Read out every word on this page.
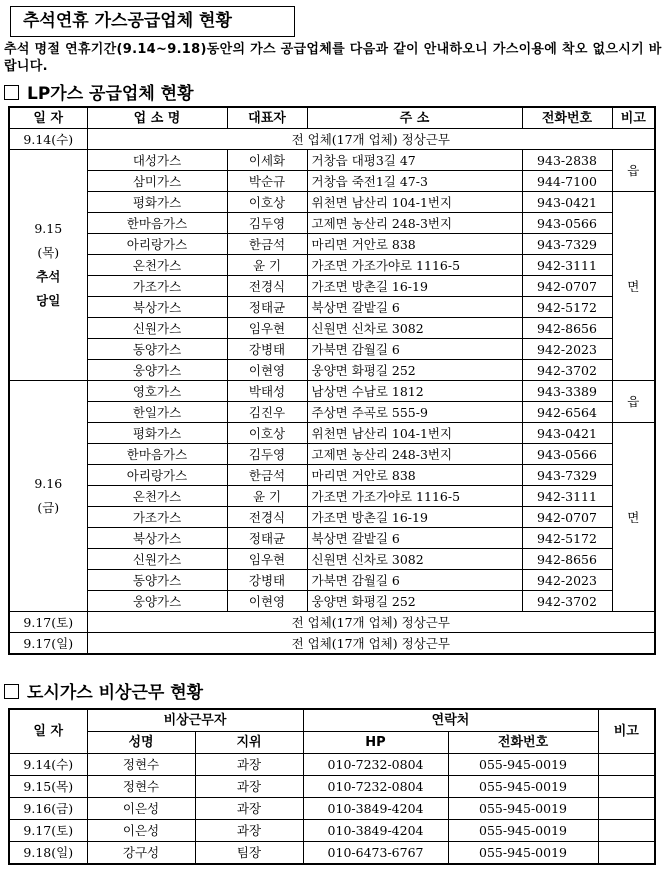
추석연휴 가스공급업체 현황
추석 명절 연휴기간(9.14~9.18)동안의 가스 공급업체를 다음과 같이 안내하오니 가스이용에 착오 없으시기 바랍니다.
LP가스 공급업체 현황
일 자	업 소 명	대표자	주 소	전화번호	비고
9.14(수)	전 업체(17개 업체) 정상근무				

9.15
(목)
추석
당일	대성가스	이세화	거창읍 대평3길 47	943-2838	읍
	삼미가스	박순규	거창읍 죽전1길 47-3	944-7100	
	평화가스	이호상	위천면 남산리 104-1번지	943-0421	면
	한마음가스	김두영	고제면 농산리 248-3번지	943-0566	
	아리랑가스	한금석	마리면 거안로 838	943-7329	
	온천가스	윤 기	가조면 가조가야로 1116-5	942-3111	
	가조가스	전경식	가조면 방촌길 16-19	942-0707	
	북상가스	정태균	북상면 갈밭길 6	942-5172	
	신원가스	임우현	신원면 신차로 3082	942-8656	
	동양가스	강병태	가북면 감월길 6	942-2023	
	웅양가스	이현영	웅양면 화평길 252	942-3702	

9.16
(금)	영호가스	박태성	남상면 수남로 1812	943-3389	읍
	한일가스	김진우	주상면 주곡로 555-9	942-6564	
	평화가스	이호상	위천면 남산리 104-1번지	943-0421	면
	한마음가스	김두영	고제면 농산리 248-3번지	943-0566	
	아리랑가스	한금석	마리면 거안로 838	943-7329	
	온천가스	윤 기	가조면 가조가야로 1116-5	942-3111	
	가조가스	전경식	가조면 방촌길 16-19	942-0707	
	북상가스	정태균	북상면 갈밭길 6	942-5172	
	신원가스	임우현	신원면 신차로 3082	942-8656	
	동양가스	강병태	가북면 감월길 6	942-2023	
	웅양가스	이현영	웅양면 화평길 252	942-3702	
9.17(토)	전 업체(17개 업체) 정상근무				
9.17(일)	전 업체(17개 업체) 정상근무				
도시가스 비상근무 현황
일 자	비상근무자		연락처		비고
	성명	지위	HP	전화번호	
9.14(수)	정현수	과장	010-7232-0804	055-945-0019	
9.15(목)	정현수	과장	010-7232-0804	055-945-0019	
9.16(금)	이은성	과장	010-3849-4204	055-945-0019	
9.17(토)	이은성	과장	010-3849-4204	055-945-0019	
9.18(일)	강구성	팀장	010-6473-6767	055-945-0019	
